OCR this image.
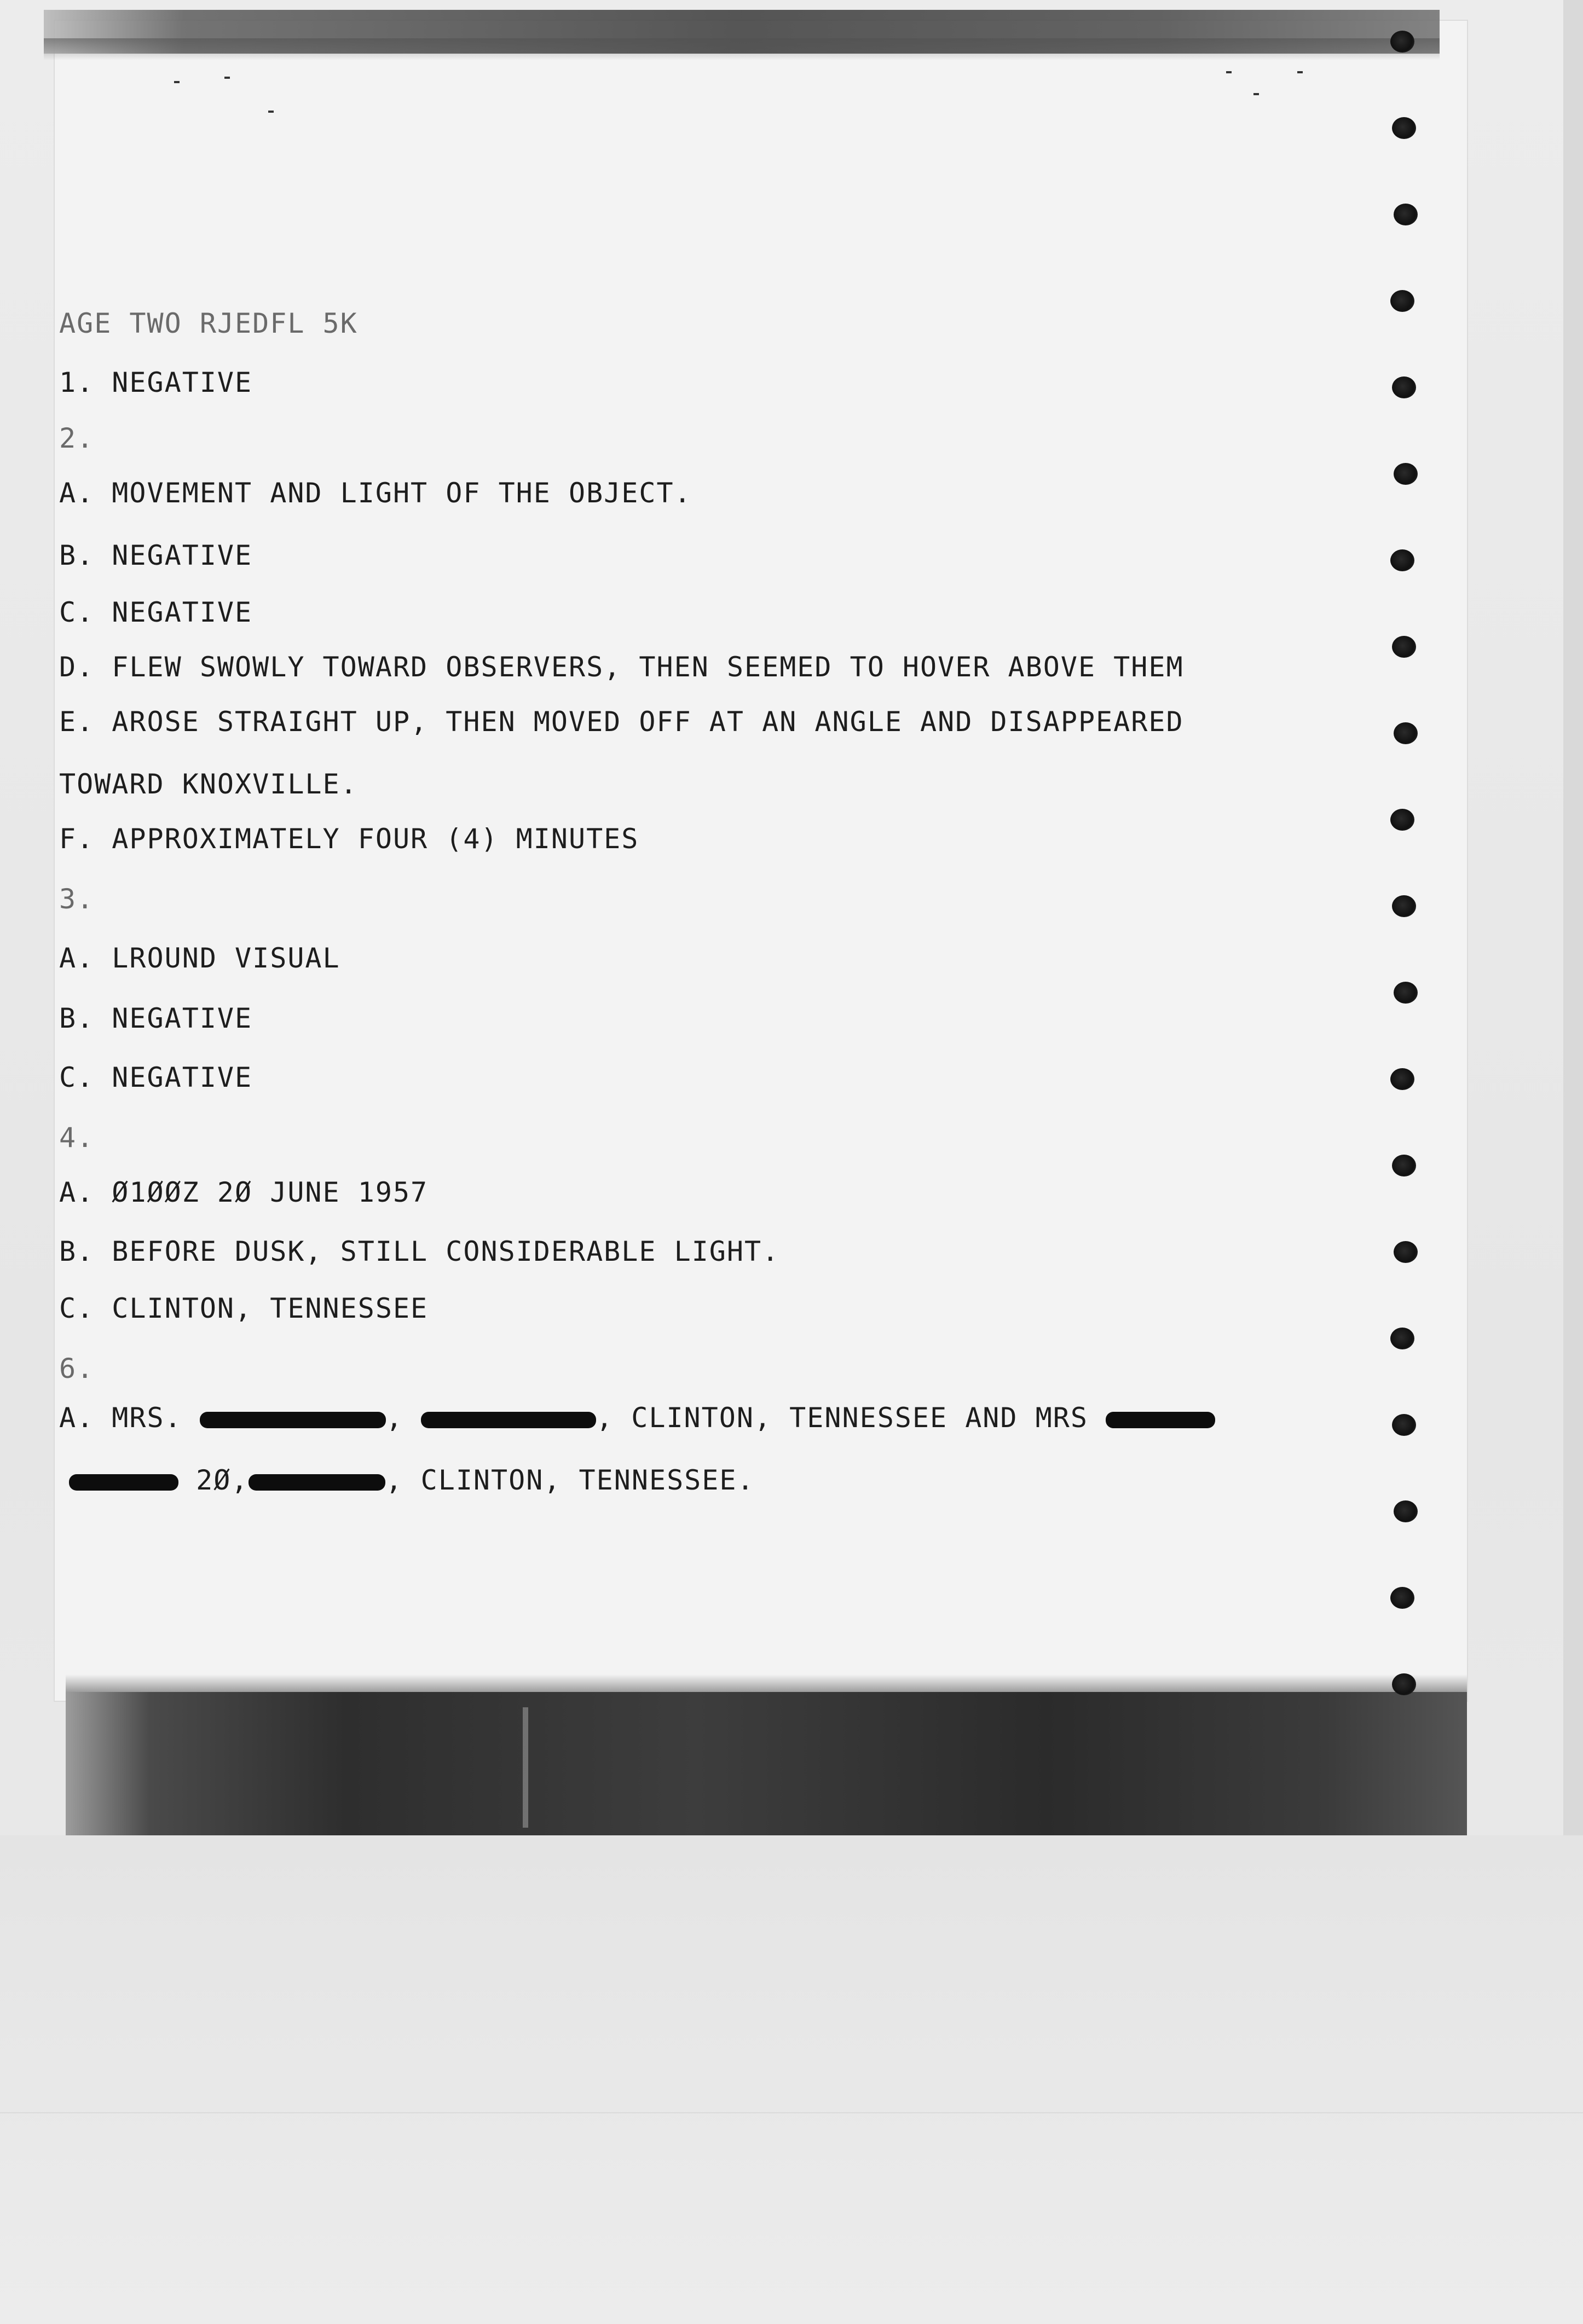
AGE TWO RJEDFL 5K
1. NEGATIVE
2.
A. MOVEMENT AND LIGHT OF THE OBJECT.
B. NEGATIVE
C. NEGATIVE
D. FLEW SWOWLY TOWARD OBSERVERS, THEN SEEMED TO HOVER ABOVE THEM
E. AROSE STRAIGHT UP, THEN MOVED OFF AT AN ANGLE AND DISAPPEARED
TOWARD KNOXVILLE.
F. APPROXIMATELY FOUR (4) MINUTES
3.
A. LROUND VISUAL
B. NEGATIVE
C. NEGATIVE
4.
A. Ø1ØØZ 2Ø JUNE 1957
B. BEFORE DUSK, STILL CONSIDERABLE LIGHT.
C. CLINTON, TENNESSEE
6.
A. MRS.	,	, CLINTON, TENNESSEE AND MRS
2Ø,	, CLINTON, TENNESSEE.
